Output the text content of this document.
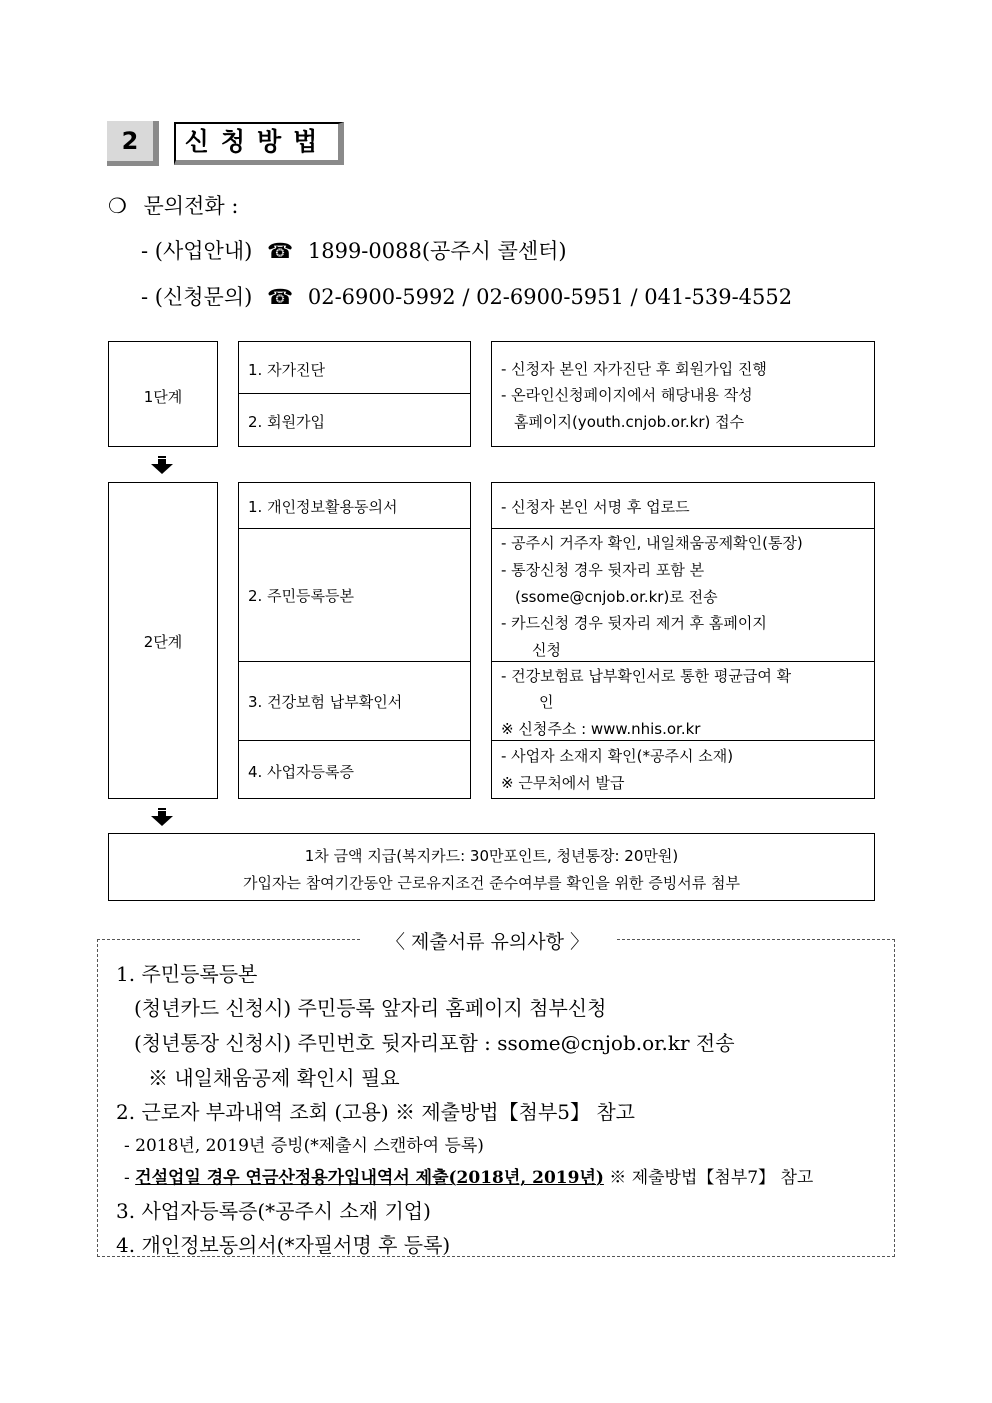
2	신청방법
❍ 문의전화 :
- (사업안내) ☎ 1899-0088(공주시 콜센터)
- (신청문의) ☎ 02-6900-5992 / 02-6900-5951 / 041-539-4552
1단계
1. 자가진단
2. 회원가입
- 신청자 본인 자가진단 후 회원가입 진행
- 온라인신청페이지에서 해당내용 작성
홈페이지(youth.cnjob.or.kr) 접수
2단계
1. 개인정보활용동의서
2. 주민등록등본
3. 건강보험 납부확인서
4. 사업자등록증
- 신청자 본인 서명 후 업로드
- 공주시 거주자 확인, 내일채움공제확인(통장)
- 통장신청 경우 뒷자리 포함 본
(ssome@cnjob.or.kr)로 전송
- 카드신청 경우 뒷자리 제거 후 홈페이지
신청
- 건강보험료 납부확인서로 통한 평균급여 확
인
※ 신청주소 : www.nhis.or.kr
- 사업자 소재지 확인(*공주시 소재)
※ 근무처에서 발급
1차 금액 지급(복지카드: 30만포인트, 청년통장: 20만원)
가입자는 참여기간동안 근로유지조건 준수여부를 확인을 위한 증빙서류 첨부
〈 제출서류 유의사항 〉
1. 주민등록등본
(청년카드 신청시) 주민등록 앞자리 홈페이지 첨부신청
(청년통장 신청시) 주민번호 뒷자리포함 : ssome@cnjob.or.kr 전송
※ 내일채움공제 확인시 필요
2. 근로자 부과내역 조회 (고용) ※ 제출방법【첨부5】 참고
- 2018년, 2019년 증빙(*제출시 스캔하여 등록)
- 건설업일 경우 연금산정용가입내역서 제출(2018년, 2019년) ※ 제출방법【첨부7】 참고
3. 사업자등록증(*공주시 소재 기업)
4. 개인정보동의서(*자필서명 후 등록)
